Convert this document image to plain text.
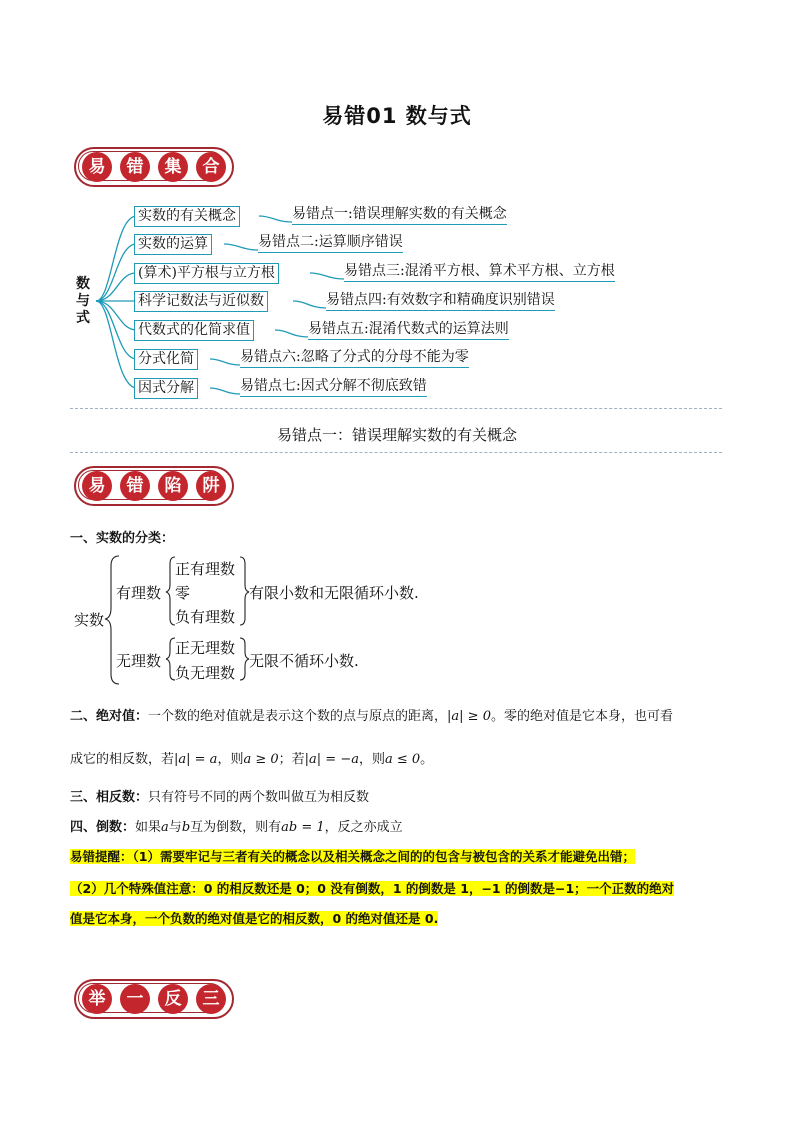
易错01 数与式
易	错	集	合
数与式
实数的有关概念
实数的运算
(算术)平方根与立方根
科学记数法与近似数
代数式的化简求值
分式化简
因式分解
易错点一:错误理解实数的有关概念
易错点二:运算顺序错误
易错点三:混淆平方根、算术平方根、立方根
易错点四:有效数字和精确度识别错误
易错点五:混淆代数式的运算法则
易错点六:忽略了分式的分母不能为零
易错点七:因式分解不彻底致错
易错点一：错误理解实数的有关概念
易	错	陷	阱
一、实数的分类：
实数
有理数
正有理数
零
负有理数
有限小数和无限循环小数.
无理数
正无理数
负无理数
无限不循环小数.
二、绝对值：一个数的绝对值就是表示这个数的点与原点的距离，|a| ≥ 0。零的绝对值是它本身，也可看
成它的相反数，若|a| = a，则a ≥ 0；若|a| = −a，则a ≤ 0。
三、相反数：只有符号不同的两个数叫做互为相反数
四、倒数：如果a与b互为倒数，则有ab = 1，反之亦成立
易错提醒：（1）需要牢记与三者有关的概念以及相关概念之间的的包含与被包含的关系才能避免出错；
（2）几个特殊值注意：0 的相反数还是 0；0 没有倒数，1 的倒数是 1，−1 的倒数是−1；一个正数的绝对
值是它本身，一个负数的绝对值是它的相反数，0 的绝对值还是 0.
举	一	反	三
